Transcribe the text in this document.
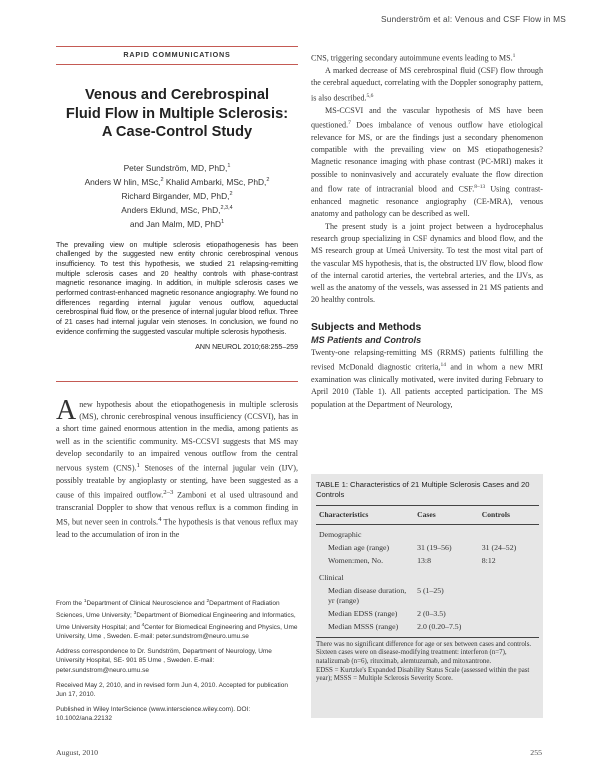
Sunderström et al: Venous and CSF Flow in MS
RAPID COMMUNICATIONS
Venous and Cerebrospinal
Fluid Flow in Multiple Sclerosis:
A Case-Control Study
Peter Sundström, MD, PhD,$^1$
Anders W hlin, MSc,$^2$ Khalid Ambarki, MSc, PhD,$^2$
Richard Birgander, MD, PhD,$^2$
Anders Eklund, MSc, PhD,$^{2,3,4}$
and Jan Malm, MD, PhD$^1$

The prevailing view on multiple sclerosis etiopathogenesis has been challenged by the suggested new entity chronic cerebrospinal venous insufficiency. To test this hypothesis, we studied 21 relapsing-remitting multiple sclerosis cases and 20 healthy controls with phase-contrast magnetic resonance imaging. In addition, in multiple sclerosis cases we performed contrast-enhanced magnetic resonance angiography. We found no differences regarding internal jugular venous outflow, aqueductal cerebrospinal fluid flow, or the presence of internal jugular blood reflux. Three of 21 cases had internal jugular vein stenoses. In conclusion, we found no evidence confirming the suggested vascular multiple sclerosis hypothesis.

ANN NEUROL 2010;68:255–259

Anew hypothesis about the etiopathogenesis in multiple sclerosis (MS), chronic cerebrospinal venous insufficiency (CCSVI), has in a short time gained enormous attention in the media, among patients as well as in the scientific community. MS-CCSVI suggests that MS may develop secondarily to an impaired venous outflow from the central nervous system (CNS).$^1$ Stenoses of the internal jugular vein (IJV), possibly treatable by angioplasty or stenting, have been suggested as a cause of this impaired outflow.$^{2-3}$ Zamboni et al used ultrasound and transcranial Doppler to show that venous reflux is a common finding in MS, but never seen in controls.$^4$ The hypothesis is that venous reflux may lead to the accumulation of iron in the

From the $^1$Department of Clinical Neuroscience and $^2$Department of Radiation Sciences, Ume University; $^3$Department of Biomedical Engineering and Informatics, Ume University Hospital; and $^4$Center for Biomedical Engineering and Physics, Ume University, Ume , Sweden. E-mail: peter.sundstrom@neuro.umu.se

Address correspondence to Dr. Sundström, Department of Neurology, Ume University Hospital, SE- 901 85 Ume , Sweden. E-mail: peter.sundstrom@neuro.umu.se

Received May 2, 2010, and in revised form Jun 4, 2010. Accepted for publication Jun 17, 2010.

Published in Wiley InterScience (www.interscience.wiley.com). DOI: 10.1002/ana.22132

CNS, triggering secondary autoimmune events leading to MS.$^1$

A marked decrease of MS cerebrospinal fluid (CSF) flow through the cerebral aqueduct, correlating with the Doppler sonography pattern, is also described.$^{5,6}$

MS-CCSVI and the vascular hypothesis of MS have been questioned.$^7$ Does imbalance of venous outflow have etiological relevance for MS, or are the findings just a secondary phenomenon compatible with the prevailing view on MS etiopathogenesis? Magnetic resonance imaging with phase contrast (PC-MRI) makes it possible to noninvasively and accurately evaluate the flow direction and flow rate of intracranial blood and CSF.$^{8-13}$ Using contrast-enhanced magnetic resonance angiography (CE-MRA), venous anatomy and pathology can be described as well.

The present study is a joint project between a hydrocephalus research group specializing in CSF dynamics and blood flow, and the MS research group at Umeå University. To test the most vital part of the vascular MS hypothesis, that is, the obstructed IJV flow, blood flow of the internal carotid arteries, the vertebral arteries, and the IJVs, as well as the anatomy of the vessels, was assessed in 21 MS patients and 20 healthy controls.

Subjects and Methods
MS Patients and Controls

Twenty-one relapsing-remitting MS (RRMS) patients fulfilling the revised McDonald diagnostic criteria,$^{14}$ and in whom a new MRI examination was clinically motivated, were invited during February to April 2010 (Table 1). All patients accepted participation. The MS population at the Department of Neurology,

TABLE 1: Characteristics of 21 Multiple Sclerosis Cases and 20 Controls
Characteristics	Cases	Controls
Demographic		
Median age (range)	31 (19–56)	31 (24–52)
Women:men, No.	13:8	8:12
Clinical		
Median disease duration, yr (range)	5 (1–25)	
Median EDSS (range)	2 (0–3.5)	
Median MSSS (range)	2.0 (0.20–7.5)	

There was no significant difference for age or sex between cases and controls. Sixteen cases were on disease-modifying treatment: interferon (n=7), natalizumab (n=6), rituximab, alemtuzumab, and mitoxantrone.

EDSS = Kurtzke's Expanded Disability Status Scale (assessed within the past year); MSSS = Multiple Sclerosis Severity Score.

August, 2010	255
